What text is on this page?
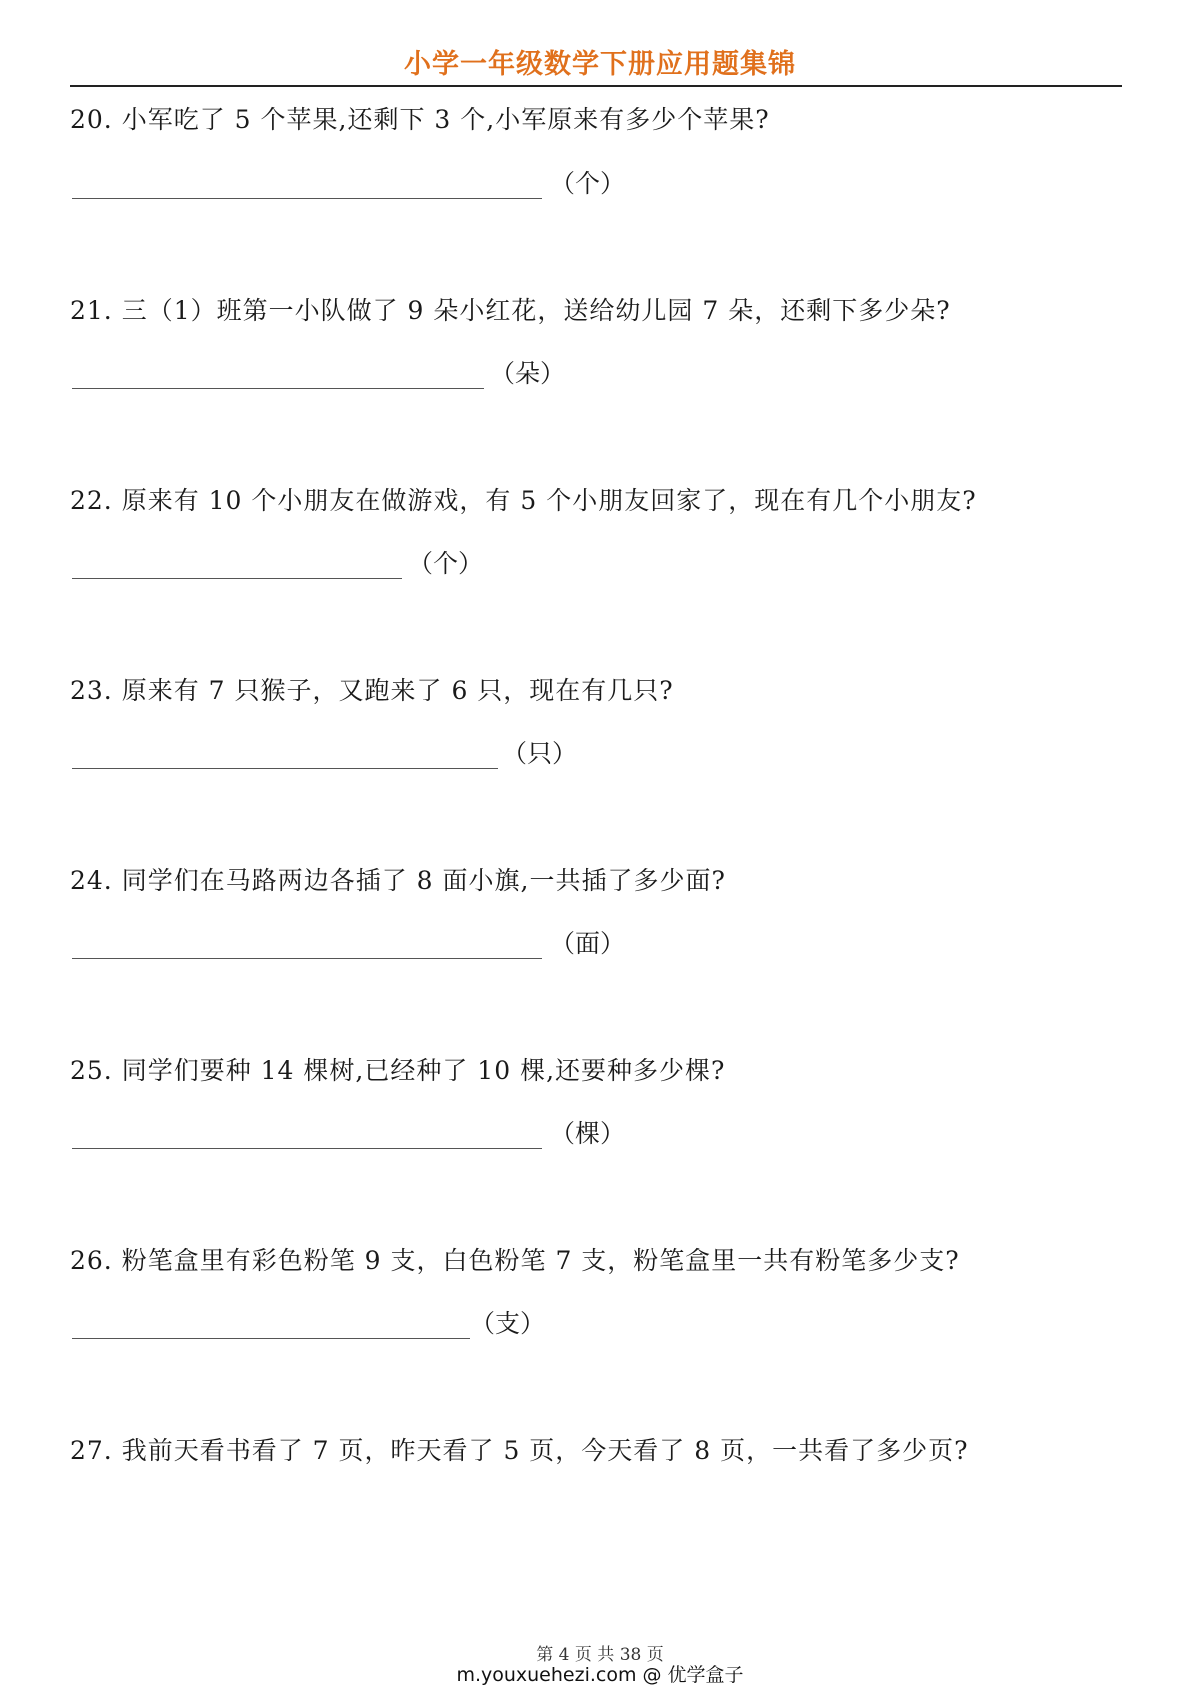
小学一年级数学下册应用题集锦
20. 小军吃了 5 个苹果,还剩下 3 个,小军原来有多少个苹果?
（个）
21. 三（1）班第一小队做了 9 朵小红花，送给幼儿园 7 朵，还剩下多少朵?
（朵）
22. 原来有 10 个小朋友在做游戏，有 5 个小朋友回家了，现在有几个小朋友?
（个）
23. 原来有 7 只猴子，又跑来了 6 只，现在有几只?
（只）
24. 同学们在马路两边各插了 8 面小旗,一共插了多少面?
（面）
25. 同学们要种 14 棵树,已经种了 10 棵,还要种多少棵?
（棵）
26. 粉笔盒里有彩色粉笔 9 支，白色粉笔 7 支，粉笔盒里一共有粉笔多少支?
（支）
27. 我前天看书看了 7 页，昨天看了 5 页，今天看了 8 页，一共看了多少页?
第 4 页 共 38 页
m.youxuehezi.com @ 优学盒子
